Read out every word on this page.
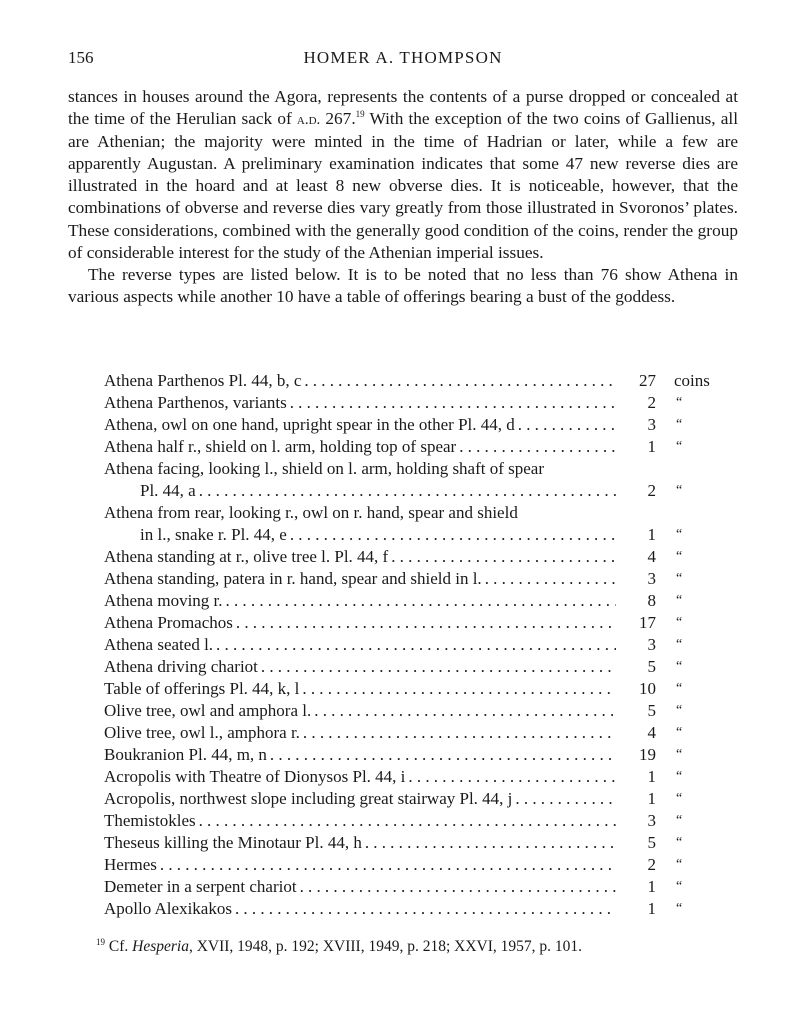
156	HOMER A. THOMPSON

stances in houses around the Agora, represents the contents of a purse dropped or concealed at the time of the Herulian sack of a.d. 267.19 With the exception of the two coins of Gallienus, all are Athenian; the majority were minted in the time of Hadrian or later, while a few are apparently Augustan. A preliminary examination indicates that some 47 new reverse dies are illustrated in the hoard and at least 8 new obverse dies. It is noticeable, however, that the combinations of obverse and reverse dies vary greatly from those illustrated in Svoronos’ plates. These considerations, combined with the generally good condition of the coins, render the group of considerable interest for the study of the Athenian imperial issues.

The reverse types are listed below. It is to be noted that no less than 76 show Athena in various aspects while another 10 have a table of offerings bearing a bust of the goddess.

Athena Parthenos Pl. 44, b, c .....	27 coins
Athena Parthenos, variants .....	2 “
Athena, owl on one hand, upright spear in the other Pl. 44, d .....	3 “
Athena half r., shield on l. arm, holding top of spear .....	1 “
Athena facing, looking l., shield on l. arm, holding shaft of spear
Pl. 44, a .....	2 “
Athena from rear, looking r., owl on r. hand, spear and shield
in l., snake r. Pl. 44, e .....	1 “
Athena standing at r., olive tree l. Pl. 44, f .....	4 “
Athena standing, patera in r. hand, spear and shield in l. .....	3 “
Athena moving r. .....	8 “
Athena Promachos .....	17 “
Athena seated l. .....	3 “
Athena driving chariot .....	5 “
Table of offerings Pl. 44, k, l .....	10 “
Olive tree, owl and amphora l. .....	5 “
Olive tree, owl l., amphora r. .....	4 “
Boukranion Pl. 44, m, n .....	19 “
Acropolis with Theatre of Dionysos Pl. 44, i .....	1 “
Acropolis, northwest slope including great stairway Pl. 44, j .....	1 “
Themistokles .....	3 “
Theseus killing the Minotaur Pl. 44, h .....	5 “
Hermes .....	2 “
Demeter in a serpent chariot .....	1 “
Apollo Alexikakos .....	1 “
$^{19}$ Cf. Hesperia, XVII, 1948, p. 192; XVIII, 1949, p. 218; XXVI, 1957, p. 101.
